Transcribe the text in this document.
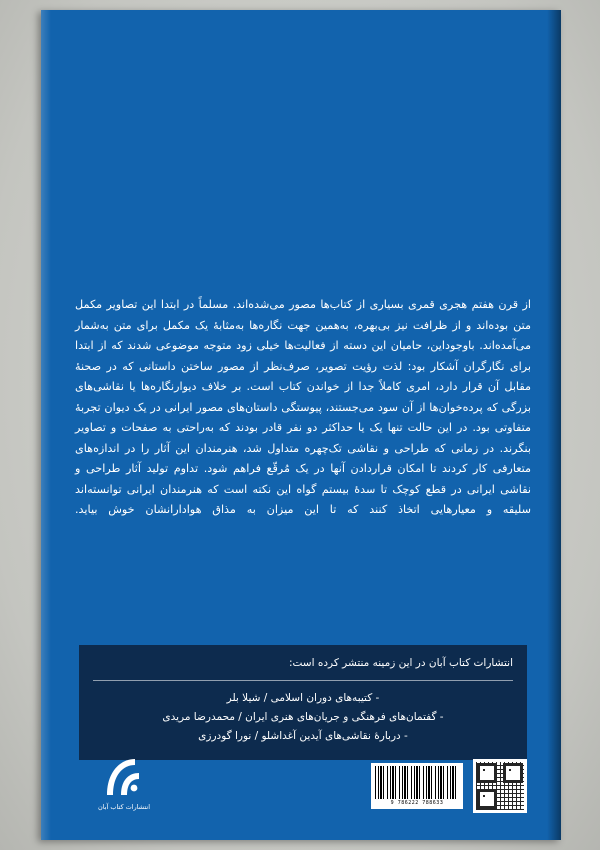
از قرن هفتم هجری قمری بسیاری از کتاب‌ها مصور می‌شده‌اند. مسلماً در ابتدا این تصاویر مکمل متن بوده‌اند و از ظرافت نیز بی‌بهره، به‌همین جهت نگاره‌ها به‌مثابهٔ یک مکمل برای متن به‌شمار می‌آمده‌اند. باوجوداین، حامیان این دسته از فعالیت‌ها خیلی زود متوجه موضوعی شدند که از ابتدا برای نگارگران آشکار بود: لذت رؤیت تصویر، صرف‌نظر از مصور ساختن داستانی که در صحنهٔ مقابل آن قرار دارد، امری کاملاً جدا از خواندن کتاب است. بر خلاف دیوارنگاره‌ها یا نقاشی‌های بزرگی که پرده‌خوان‌ها از آن سود می‌جستند، پیوستگی داستان‌های مصور ایرانی در یک دیوان تجربهٔ متفاوتی بود. در این حالت تنها یک یا حداکثر دو نفر قادر بودند که به‌راحتی به صفحات و تصاویر بنگرند. در زمانی که طراحی و نقاشی تک‌چهره متداول شد، هنرمندان این آثار را در اندازه‌های متعارفی کار کردند تا امکان قراردادن آنها در یک مُرقّع فراهم شود. تداوم تولید آثار طراحی و نقاشی ایرانی در قطع کوچک تا سدهٔ بیستم گواه این نکته است که هنرمندان ایرانی توانسته‌اند سلیقه و معیارهایی اتخاذ کنند که تا این میزان به مذاق هوادارانشان خوش بیاید.

انتشارات کتاب آبان در این زمینه منتشر کرده است:
- کتیبه‌های دوران اسلامی / شیلا بلر
- گفتمان‌های فرهنگی و جریان‌های هنری ایران / محمدرضا مریدی
- دربارهٔ نقاشی‌های آیدین آغداشلو / نورا گودرزی
9 786222 788633
انتشارات کتاب آبان
